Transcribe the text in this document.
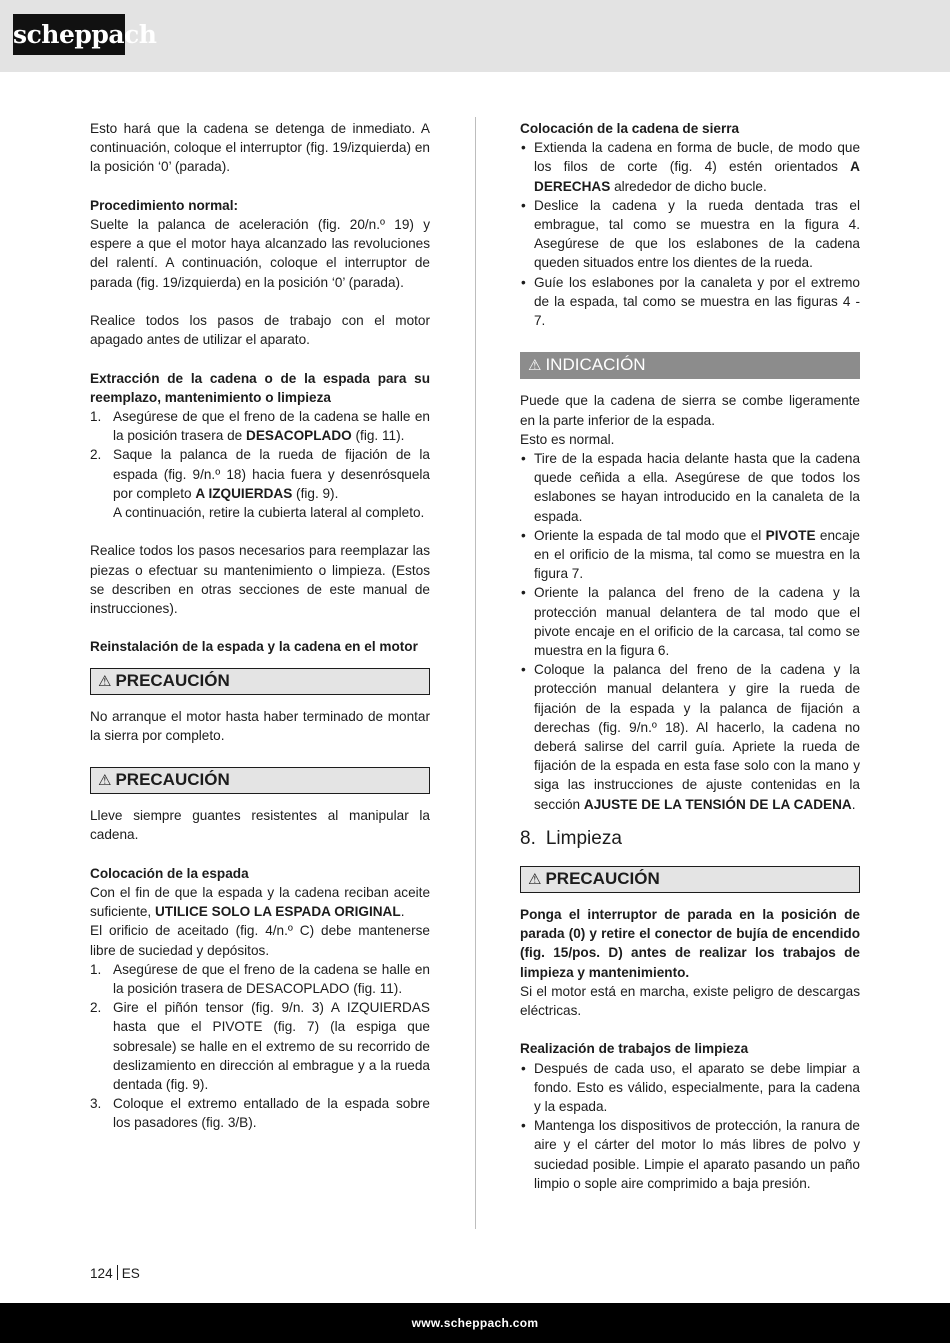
scheppach

Esto hará que la cadena se detenga de inmediato. A continuación, coloque el interruptor (fig. 19/izquierda) en la posición ‘0’ (parada).

Procedimiento normal:

Suelte la palanca de aceleración (fig. 20/n.º 19) y espere a que el motor haya alcanzado las revoluciones del ralentí. A continuación, coloque el interruptor de parada (fig. 19/izquierda) en la posición ‘0’ (parada).

Realice todos los pasos de trabajo con el motor apagado antes de utilizar el aparato.

Extracción de la cadena o de la espada para su reemplazo, mantenimiento o limpieza

1. Asegúrese de que el freno de la cadena se halle en la posición trasera de DESACOPLADO (fig. 11).
2. Saque la palanca de la rueda de fijación de la espada (fig. 9/n.º 18) hacia fuera y desenrósquela por completo A IZQUIERDAS (fig. 9).
A continuación, retire la cubierta lateral al completo.

Realice todos los pasos necesarios para reemplazar las piezas o efectuar su mantenimiento o limpieza. (Estos se describen en otras secciones de este manual de instrucciones).

Reinstalación de la espada y la cadena en el motor

⚠ PRECAUCIÓN

No arranque el motor hasta haber terminado de montar la sierra por completo.

⚠ PRECAUCIÓN

Lleve siempre guantes resistentes al manipular la cadena.

Colocación de la espada

Con el fin de que la espada y la cadena reciban aceite suficiente, UTILICE SOLO LA ESPADA ORIGINAL.

El orificio de aceitado (fig. 4/n.º C) debe mantenerse libre de suciedad y depósitos.

1. Asegúrese de que el freno de la cadena se halle en la posición trasera de DESACOPLADO (fig. 11).
2. Gire el piñón tensor (fig. 9/n. 3) A IZQUIERDAS hasta que el PIVOTE (fig. 7) (la espiga que sobresale) se halle en el extremo de su recorrido de deslizamiento en dirección al embrague y a la rueda dentada (fig. 9).
3. Coloque el extremo entallado de la espada sobre los pasadores (fig. 3/B).

Colocación de la cadena de sierra

• Extienda la cadena en forma de bucle, de modo que los filos de corte (fig. 4) estén orientados A DERECHAS alrededor de dicho bucle.
• Deslice la cadena y la rueda dentada tras el embrague, tal como se muestra en la figura 4. Asegúrese de que los eslabones de la cadena queden situados entre los dientes de la rueda.
• Guíe los eslabones por la canaleta y por el extremo de la espada, tal como se muestra en las figuras 4 - 7.
⚠ INDICACIÓN

Puede que la cadena de sierra se combe ligeramente en la parte inferior de la espada.

Esto es normal.

• Tire de la espada hacia delante hasta que la cadena quede ceñida a ella. Asegúrese de que todos los eslabones se hayan introducido en la canaleta de la espada.
• Oriente la espada de tal modo que el PIVOTE encaje en el orificio de la misma, tal como se muestra en la figura 7.
• Oriente la palanca del freno de la cadena y la protección manual delantera de tal modo que el pivote encaje en el orificio de la carcasa, tal como se muestra en la figura 6.
• Coloque la palanca del freno de la cadena y la protección manual delantera y gire la rueda de fijación de la espada y la palanca de fijación a derechas (fig. 9/n.º 18). Al hacerlo, la cadena no deberá salirse del carril guía. Apriete la rueda de fijación de la espada en esta fase solo con la mano y siga las instrucciones de ajuste contenidas en la sección AJUSTE DE LA TENSIÓN DE LA CADENA.
8. Limpieza
⚠ PRECAUCIÓN

Ponga el interruptor de parada en la posición de parada (0) y retire el conector de bujía de encendido (fig. 15/pos. D) antes de realizar los trabajos de limpieza y mantenimiento.

Si el motor está en marcha, existe peligro de descargas eléctricas.

Realización de trabajos de limpieza

• Después de cada uso, el aparato se debe limpiar a fondo. Esto es válido, especialmente, para la cadena y la espada.
• Mantenga los dispositivos de protección, la ranura de aire y el cárter del motor lo más libres de polvo y suciedad posible. Limpie el aparato pasando un paño limpio o sople aire comprimido a baja presión.
124 ES
www.scheppach.com
